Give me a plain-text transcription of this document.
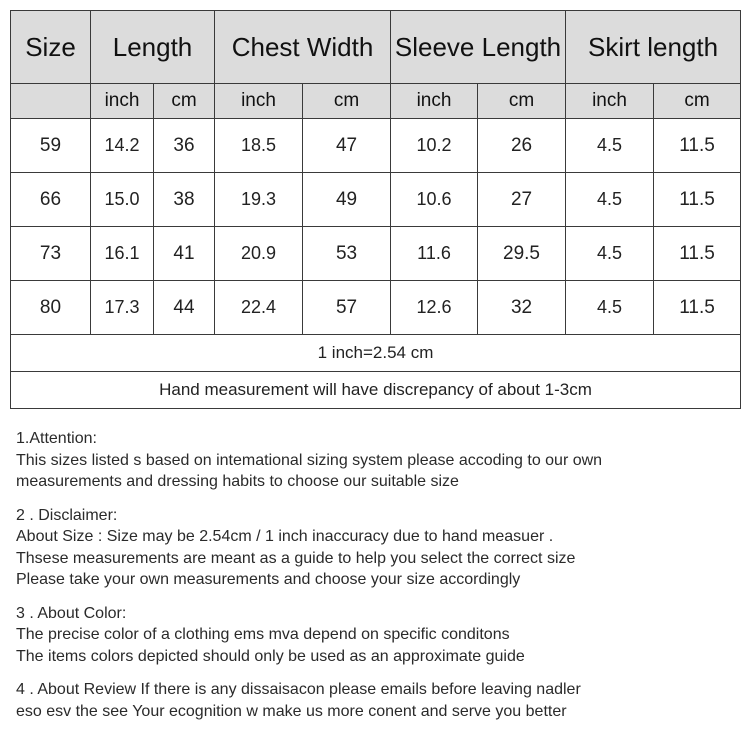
Size	Length		Chest Width		Sleeve Length		Skirt length	
	inch	cm	inch	cm	inch	cm	inch	cm
59	14.2	36	18.5	47	10.2	26	4.5	11.5
66	15.0	38	19.3	49	10.6	27	4.5	11.5
73	16.1	41	20.9	53	11.6	29.5	4.5	11.5
80	17.3	44	22.4	57	12.6	32	4.5	11.5
1 inch=2.54 cm								
Hand measurement will have discrepancy of about 1-3cm								
1.Attention:
This sizes listed s based on intemational sizing system please accoding to our own
measurements and dressing habits to choose our suitable size
2 . Disclaimer:
About Size : Size may be 2.54cm / 1 inch inaccuracy due to hand measuer .
Thsese measurements are meant as a guide to help you select the correct size
Please take your own measurements and choose your size accordingly
3 . About Color:
The precise color of a clothing ems mva depend on specific conditons
The items colors depicted should only be used as an approximate guide
4 . About Review If there is any dissaisacon please emails before leaving nadler
eso esv the see Your ecognition w make us more conent and serve you better
